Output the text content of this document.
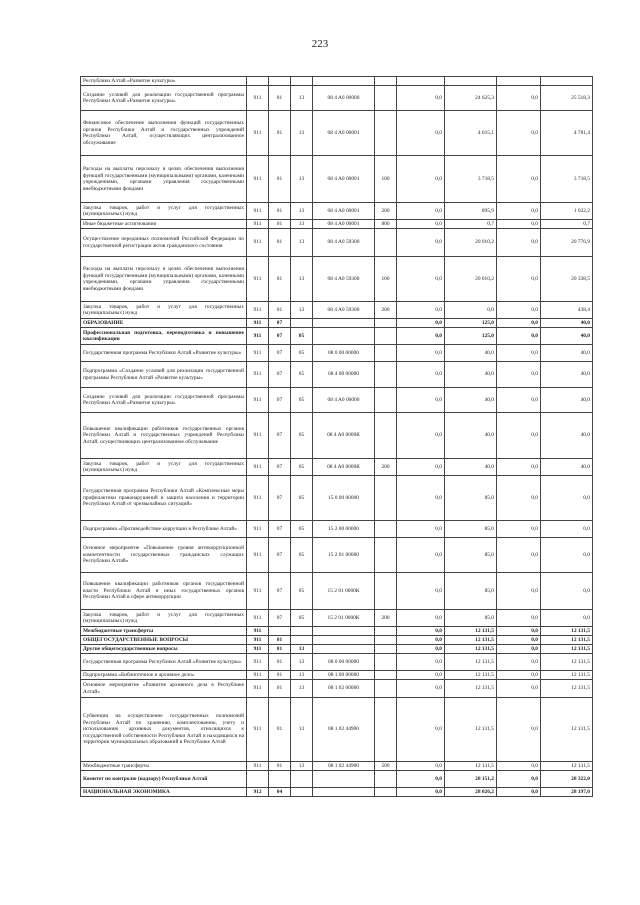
223
Республики Алтай «Развитие культуры»									
Создание условий для реализации государственной программы Республики Алтай «Развитие культуры»	911	01	13	08 4 A0 00000		0,0	24 625,3	0,0	25 518,3
Финансовое обеспечение выполнения функций государственных органов Республики Алтай и государственных учреждений Республики Алтай, осуществляющих централизованное обслуживание	911	01	13	08 4 A0 00001		0,0	4 615,1	0,0	4 781,4
Расходы на выплаты персоналу в целях обеспечения выполнения функций государственными (муниципальными) органами, казенными учреждениями, органами управления государственными внебюджетными фондами	911	01	13	08 4 A0 00001	100	0,0	3 718,5	0,0	3 718,5
Закупка товаров, работ и услуг для государственных (муниципальных) нужд	911	01	13	08 4 A0 00001	200	0,0	895,9	0,0	1 022,2
Иные бюджетные ассигнования	911	01	13	08 4 A0 00001	800	0,0	0,7	0,0	0,7
Осуществление переданных полномочий Российской Федерации по государственной регистрации актов гражданского состояния	911	01	13	08 4 A0 59300		0,0	20 010,2	0,0	20 776,9
Расходы на выплаты персоналу в целях обеспечения выполнения функций государственными (муниципальными) органами, казенными учреждениями, органами управления государственными внебюджетными фондами	911	01	13	08 4 A0 59300	100	0,0	20 010,2	0,0	20 338,5
Закупка товаров, работ и услуг для государственных (муниципальных) нужд	911	01	13	08 4 A0 59300	200	0,0	0,0	0,0	438,4
ОБРАЗОВАНИЕ	911	07				0,0	125,0	0,0	40,0
Профессиональная подготовка, переподготовка и повышение квалификации	911	07	05			0,0	125,0	0,0	40,0
Государственная программа Республики Алтай «Развитие культуры»	911	07	05	08 0 00 00000		0,0	40,0	0,0	40,0
Подпрограмма «Создание условий для реализации государственной программы Республики Алтай «Развитие культуры»	911	07	05	08 4 00 00000		0,0	40,0	0,0	40,0
Создание условий для реализации государственной программы Республики Алтай «Развитие культуры»	911	07	05	08 4 A0 00000		0,0	40,0	0,0	40,0
Повышение квалификации работников государственных органов Республики Алтай и государственных учреждений Республики Алтай, осуществляющих централизованное обслуживание	911	07	05	08 4 A0 0000К		0,0	40,0	0,0	40,0
Закупка товаров, работ и услуг для государственных (муниципальных) нужд	911	07	05	08 4 A0 0000К	200	0,0	40,0	0,0	40,0
Государственная программа Республики Алтай «Комплексные меры профилактики правонарушений и защита населения и территории Республики Алтай от чрезвычайных ситуаций»	911	07	05	15 0 00 00000		0,0	85,0	0,0	0,0
Подпрограмма «Противодействие коррупции в Республике Алтай»	911	07	05	15 2 00 00000		0,0	85,0	0,0	0,0
Основное мероприятие «Повышение уровня антикоррупционной компетентности государственных гражданских служащих Республики Алтай»	911	07	05	15 2 01 00000		0,0	85,0	0,0	0,0
Повышение квалификации работников органов государственной власти Республики Алтай и иных государственных органов Республики Алтай в сфере антикоррупции	911	07	05	15 2 01 0000К		0,0	85,0	0,0	0,0
Закупка товаров, работ и услуг для государственных (муниципальных) нужд	911	07	05	15 2 01 0000К	200	0,0	85,0	0,0	0,0
Межбюджетные трансферты	911					0,0	12 131,5	0,0	12 131,5
ОБЩЕГОСУДАРСТВЕННЫЕ ВОПРОСЫ	911	01				0,0	12 131,5	0,0	12 131,5
Другие общегосударственные вопросы	911	01	13			0,0	12 131,5	0,0	12 131,5
Государственная программа Республики Алтай «Развитие культуры»	911	01	13	08 0 00 00000		0,0	12 131,5	0,0	12 131,5
Подпрограмма «Библиотечное и архивное дело»	911	01	13	08 1 00 00000		0,0	12 131,5	0,0	12 131,5
Основное мероприятие «Развитие архивного дела в Республике Алтай»	911	01	13	08 1 02 00000		0,0	12 131,5	0,0	12 131,5
Субвенции на осуществление государственных полномочий Республики Алтай по хранению, комплектованию, учету и использованию архивных документов, относящихся к государственной собственности Республики Алтай и находящихся на территории муниципальных образований в Республике Алтай	911	01	13	08 1 02 44900		0,0	12 131,5	0,0	12 131,5
Межбюджетные трансферты	911	01	13	08 1 02 44900	500	0,0	12 131,5	0,0	12 131,5
Комитет по контролю (надзору) Республики Алтай						0,0	28 151,2	0,0	28 322,0
НАЦИОНАЛЬНАЯ ЭКОНОМИКА	912	04				0,0	28 026,2	0,0	28 197,0
